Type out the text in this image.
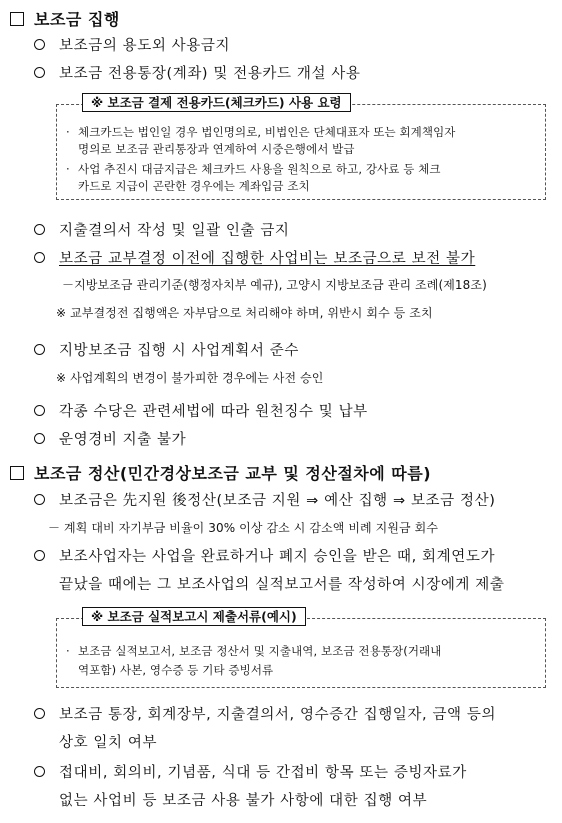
보조금 집행
보조금의 용도외 사용금지
보조금 전용통장(계좌) 및 전용카드 개설 사용
※ 보조금 결제 전용카드(체크카드) 사용 요령
· 체크카드는 법인일 경우 법인명의로, 비법인은 단체대표자 또는 회계책임자
명의로 보조금 관리통장과 연계하여 시중은행에서 발급
· 사업 추진시 대금지급은 체크카드 사용을 원칙으로 하고, 강사료 등 체크
카드로 지급이 곤란한 경우에는 계좌입금 조치
지출결의서 작성 및 일괄 인출 금지
보조금 교부결정 이전에 집행한 사업비는 보조금으로 보전 불가
－지방보조금 관리기준(행정자치부 예규), 고양시 지방보조금 관리 조례(제18조)
※ 교부결정전 집행액은 자부담으로 처리해야 하며, 위반시 회수 등 조치
지방보조금 집행 시 사업계획서 준수
※ 사업계획의 변경이 불가피한 경우에는 사전 승인
각종 수당은 관련세법에 따라 원천징수 및 납부
운영경비 지출 불가
보조금 정산(민간경상보조금 교부 및 정산절차에 따름)
보조금은 先지원 後정산(보조금 지원 ⇒ 예산 집행 ⇒ 보조금 정산)
－ 계획 대비 자기부금 비율이 30% 이상 감소 시 감소액 비례 지원금 회수
보조사업자는 사업을 완료하거나 폐지 승인을 받은 때, 회계연도가
끝났을 때에는 그 보조사업의 실적보고서를 작성하여 시장에게 제출
※ 보조금 실적보고시 제출서류(예시)
· 보조금 실적보고서, 보조금 정산서 및 지출내역, 보조금 전용통장(거래내
역포함) 사본, 영수증 등 기타 증빙서류
보조금 통장, 회계장부, 지출결의서, 영수증간 집행일자, 금액 등의
상호 일치 여부
접대비, 회의비, 기념품, 식대 등 간접비 항목 또는 증빙자료가
없는 사업비 등 보조금 사용 불가 사항에 대한 집행 여부
